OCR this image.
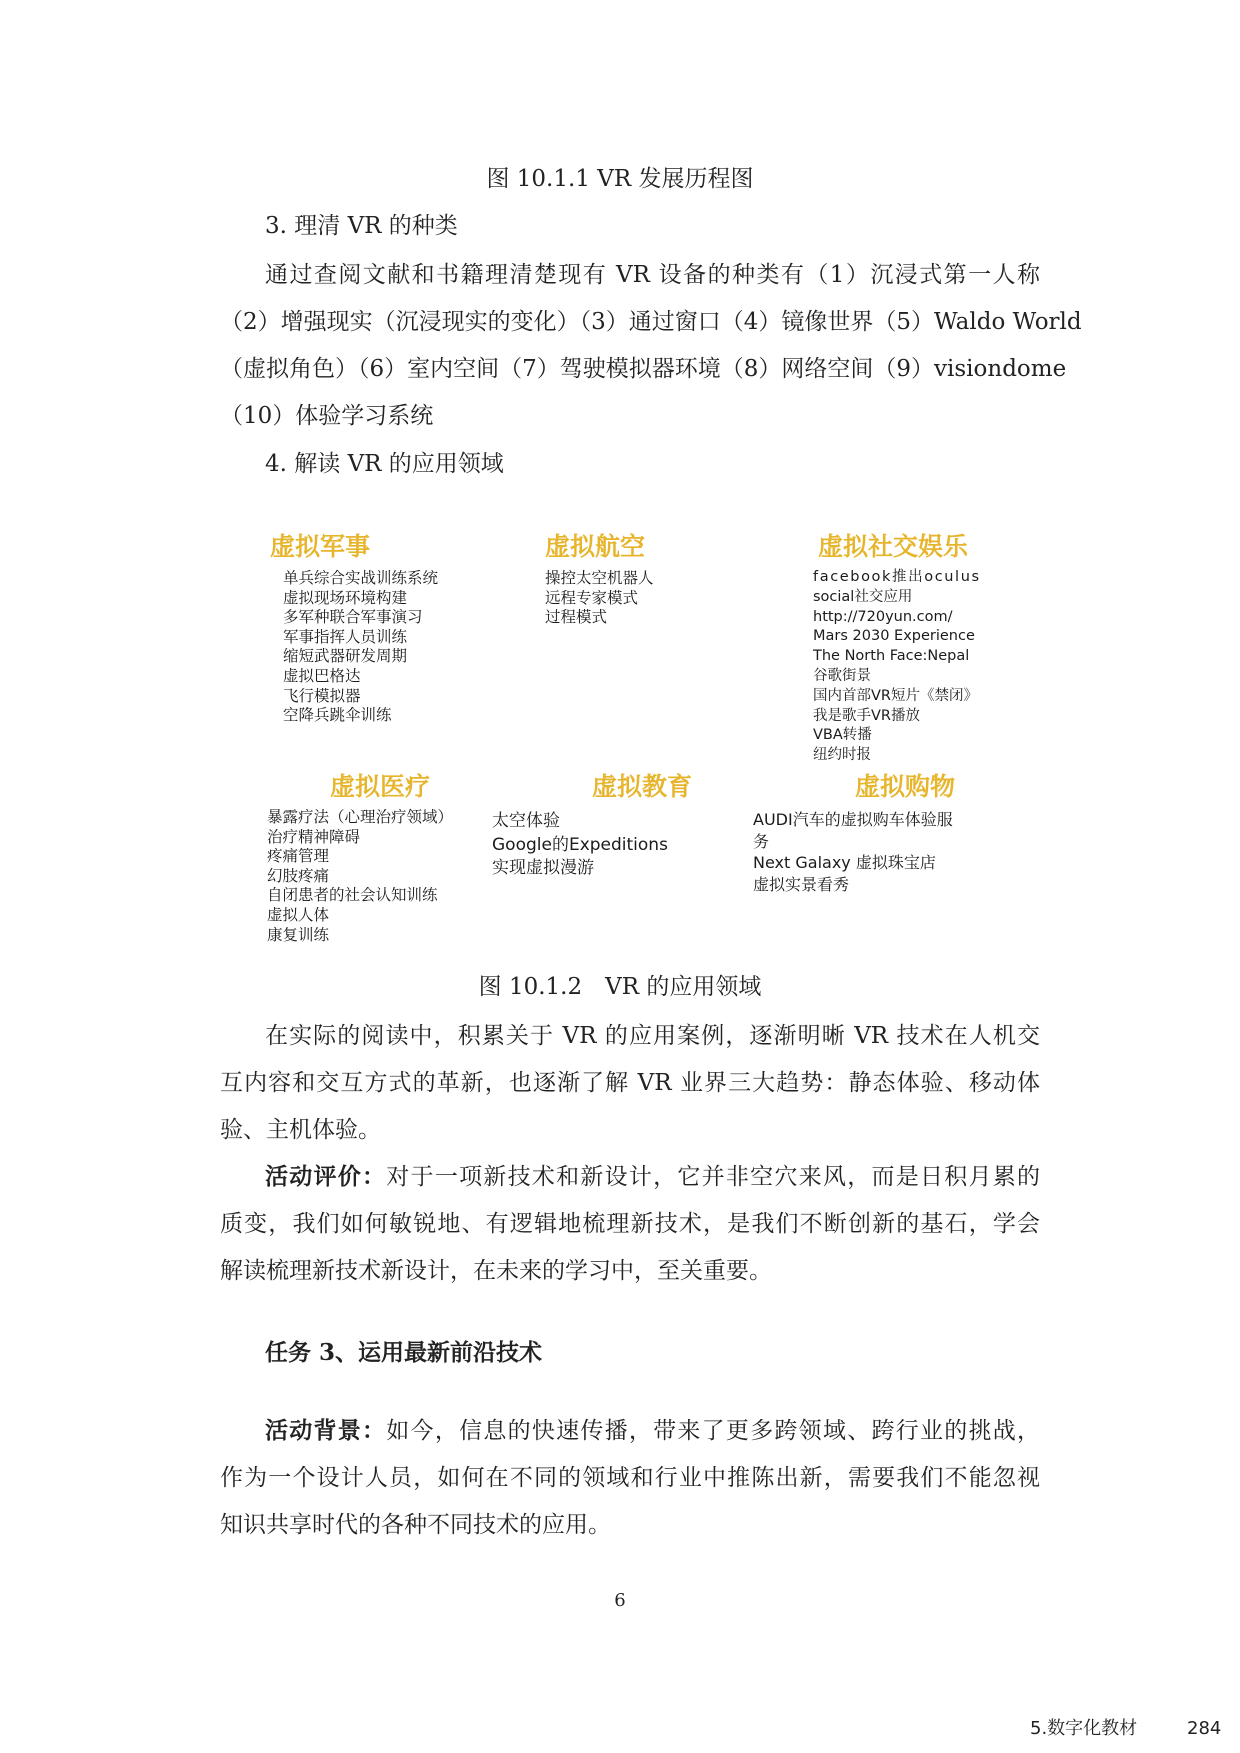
图 10.1.1 VR 发展历程图
3. 理清 VR 的种类
通过查阅文献和书籍理清楚现有 VR 设备的种类有（1）沉浸式第一人称
（2）增强现实（沉浸现实的变化）（3）通过窗口（4）镜像世界（5）Waldo World
（虚拟角色）（6）室内空间（7）驾驶模拟器环境（8）网络空间（9）visiondome
（10）体验学习系统
4. 解读 VR 的应用领域
虚拟军事
单兵综合实战训练系统
虚拟现场环境构建
多军种联合军事演习
军事指挥人员训练
缩短武器研发周期
虚拟巴格达
飞行模拟器
空降兵跳伞训练
虚拟航空
操控太空机器人
远程专家模式
过程模式
虚拟社交娱乐
facebook推出oculus
social社交应用
http://720yun.com/
Mars 2030 Experience
The North Face:Nepal
谷歌街景
国内首部VR短片《禁闭》
我是歌手VR播放
VBA转播
纽约时报
虚拟医疗
暴露疗法（心理治疗领域）
治疗精神障碍
疼痛管理
幻肢疼痛
自闭患者的社会认知训练
虚拟人体
康复训练
虚拟教育
太空体验
Google的Expeditions
实现虚拟漫游
虚拟购物
AUDI汽车的虚拟购车体验服
务
Next Galaxy 虚拟珠宝店
虚拟实景看秀
图 10.1.2　VR 的应用领域
在实际的阅读中，积累关于 VR 的应用案例，逐渐明晰 VR 技术在人机交
互内容和交互方式的革新，也逐渐了解 VR 业界三大趋势：静态体验、移动体
验、主机体验。
活动评价：对于一项新技术和新设计，它并非空穴来风，而是日积月累的
质变，我们如何敏锐地、有逻辑地梳理新技术，是我们不断创新的基石，学会
解读梳理新技术新设计，在未来的学习中，至关重要。
任务 3、运用最新前沿技术
活动背景：如今，信息的快速传播，带来了更多跨领域、跨行业的挑战，
作为一个设计人员，如何在不同的领域和行业中推陈出新，需要我们不能忽视
知识共享时代的各种不同技术的应用。
6
5.数字化教材	284
